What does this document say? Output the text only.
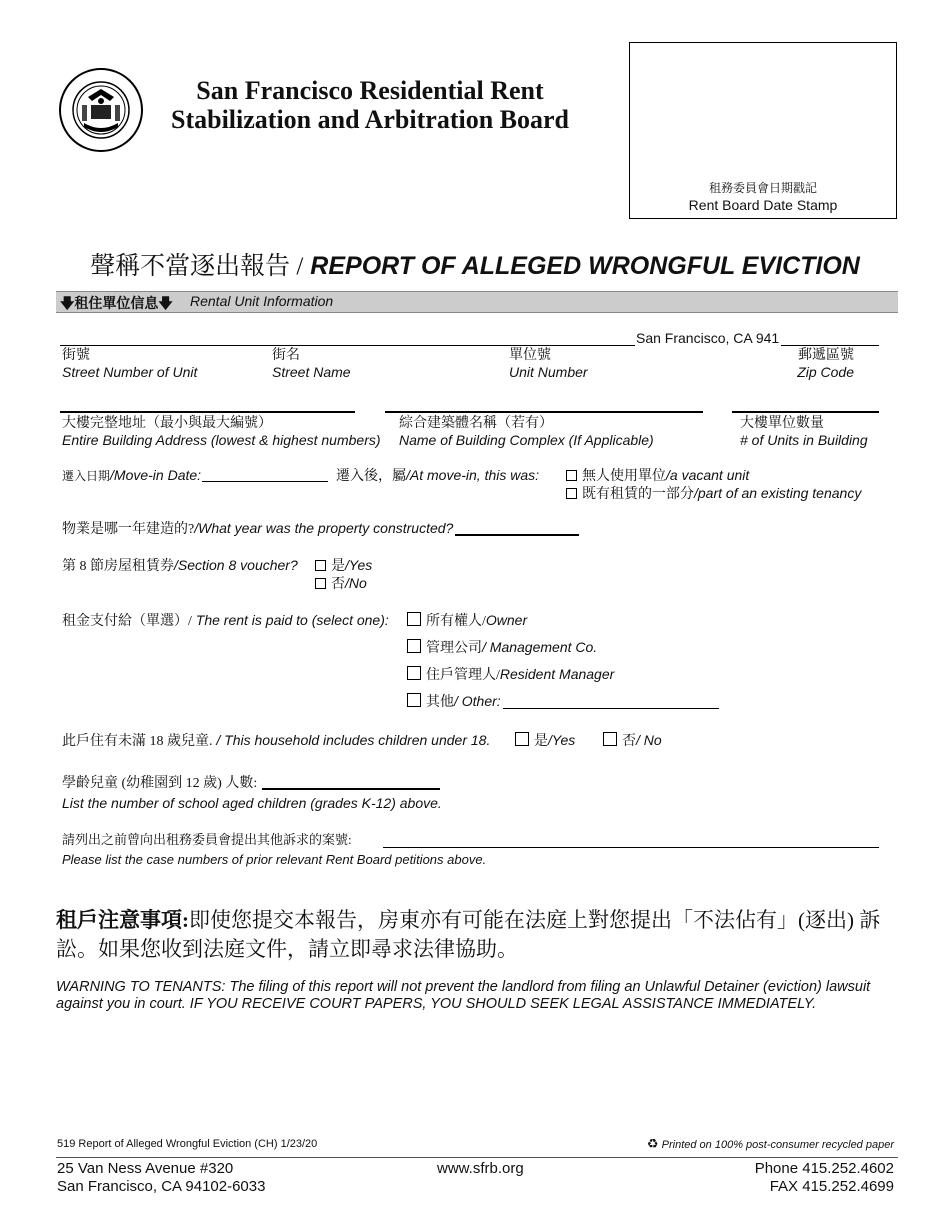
San Francisco Residential Rent
Stabilization and Arbitration Board
租務委員會日期戳記
Rent Board Date Stamp
聲稱不當逐出報告 / REPORT OF ALLEGED WRONGFUL EVICTION
🡇租住單位信息🡇 Rental Unit Information
San Francisco, CA 941
街號
Street Number of Unit
街名
Street Name
單位號
Unit Number
郵遞區號
Zip Code
大樓完整地址（最小與最大編號）
Entire Building Address (lowest & highest numbers)
綜合建築體名稱（若有）
Name of Building Complex (If Applicable)
大樓單位數量
# of Units in Building
遷入日期/Move-in Date:	遷入後，屬/At move-in, this was:	無人使用單位/a vacant unit
既有租賃的一部分/part of an existing tenancy
物業是哪一年建造的?/What year was the property constructed?
第 8 節房屋租賃券/Section 8 voucher?	是/Yes
否/No
租金支付給（單選）/ The rent is paid to (select one):	所有權人/Owner
管理公司/ Management Co.
住戶管理人/Resident Manager
其他/ Other:
此戶住有未滿 18 歲兒童. / This household includes children under 18.	是/Yes	否/ No
學齡兒童 (幼稚園到 12 歲) 人數:
List the number of school aged children (grades K-12) above.
請列出之前曾向出租務委員會提出其他訴求的案號:
Please list the case numbers of prior relevant Rent Board petitions above.
租戶注意事項:即使您提交本報告，房東亦有可能在法庭上對您提出「不法佔有」(逐出) 訴訟。如果您收到法庭文件，請立即尋求法律協助。
WARNING TO TENANTS: The filing of this report will not prevent the landlord from filing an Unlawful Detainer (eviction) lawsuit against you in court. IF YOU RECEIVE COURT PAPERS, YOU SHOULD SEEK LEGAL ASSISTANCE IMMEDIATELY.
519 Report of Alleged Wrongful Eviction (CH) 1/23/20	♻ Printed on 100% post-consumer recycled paper
25 Van Ness Avenue #320
San Francisco, CA 94102-6033
www.sfrb.org	Phone 415.252.4602
FAX 415.252.4699
